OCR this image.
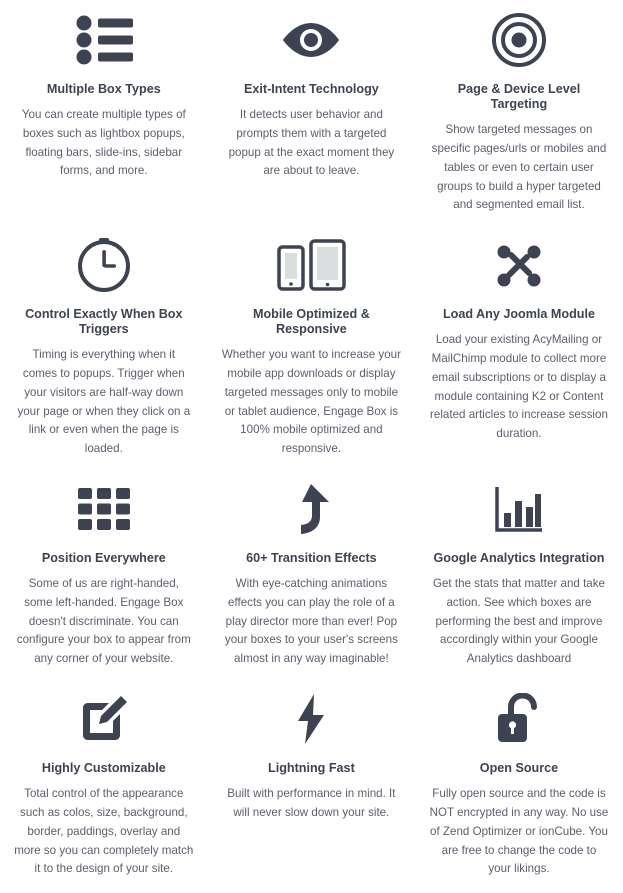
Multiple Box Types

You can create multiple types of boxes such as lightbox popups, floating bars, slide-ins, sidebar forms, and more.

Exit-Intent Technology

It detects user behavior and prompts them with a targeted popup at the exact moment they are about to leave.

Page & Device Level Targeting

Show targeted messages on specific pages/urls or mobiles and tables or even to certain user groups to build a hyper targeted and segmented email list.

Control Exactly When Box Triggers

Timing is everything when it comes to popups. Trigger when your visitors are half-way down your page or when they click on a link or even when the page is loaded.

Mobile Optimized & Responsive

Whether you want to increase your mobile app downloads or display targeted messages only to mobile or tablet audience, Engage Box is 100% mobile optimized and responsive.

Load Any Joomla Module

Load your existing AcyMailing or MailChimp module to collect more email subscriptions or to display a module containing K2 or Content related articles to increase session duration.

Position Everywhere

Some of us are right-handed, some left-handed. Engage Box doesn't discriminate. You can configure your box to appear from any corner of your website.

60+ Transition Effects

With eye-catching animations effects you can play the role of a play director more than ever! Pop your boxes to your user's screens almost in any way imaginable!

Google Analytics Integration

Get the stats that matter and take action. See which boxes are performing the best and improve accordingly within your Google Analytics dashboard

Highly Customizable

Total control of the appearance such as colos, size, background, border, paddings, overlay and more so you can completely match it to the design of your site.

Lightning Fast

Built with performance in mind. It will never slow down your site.

Open Source

Fully open source and the code is NOT encrypted in any way. No use of Zend Optimizer or ionCube. You are free to change the code to your likings.
